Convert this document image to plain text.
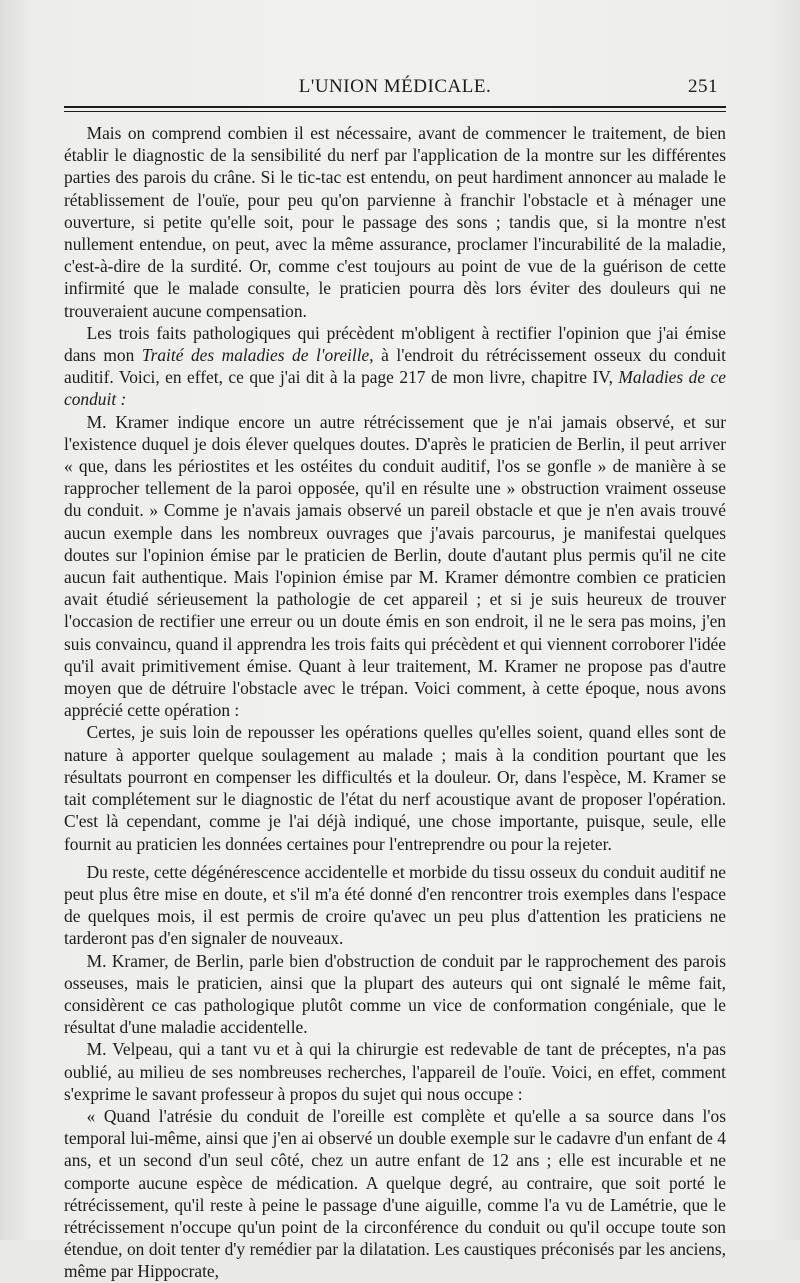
L'UNION MÉDICALE.	251

Mais on comprend combien il est nécessaire, avant de commencer le traitement, de bien établir le diagnostic de la sensibilité du nerf par l'application de la montre sur les différentes parties des parois du crâne. Si le tic-tac est entendu, on peut hardiment annoncer au malade le rétablissement de l'ouïe, pour peu qu'on parvienne à franchir l'obstacle et à ménager une ouverture, si petite qu'elle soit, pour le passage des sons ; tandis que, si la montre n'est nullement entendue, on peut, avec la même assurance, proclamer l'incurabilité de la maladie, c'est-à-dire de la surdité. Or, comme c'est toujours au point de vue de la guérison de cette infirmité que le malade consulte, le praticien pourra dès lors éviter des douleurs qui ne trouveraient aucune compensation.

Les trois faits pathologiques qui précèdent m'obligent à rectifier l'opinion que j'ai émise dans mon Traité des maladies de l'oreille, à l'endroit du rétrécissement osseux du conduit auditif. Voici, en effet, ce que j'ai dit à la page 217 de mon livre, chapitre IV, Maladies de ce conduit :

M. Kramer indique encore un autre rétrécissement que je n'ai jamais observé, et sur l'existence duquel je dois élever quelques doutes. D'après le praticien de Berlin, il peut arriver « que, dans les périostites et les ostéites du conduit auditif, l'os se gonfle » de manière à se rapprocher tellement de la paroi opposée, qu'il en résulte une » obstruction vraiment osseuse du conduit. » Comme je n'avais jamais observé un pareil obstacle et que je n'en avais trouvé aucun exemple dans les nombreux ouvrages que j'avais parcourus, je manifestai quelques doutes sur l'opinion émise par le praticien de Berlin, doute d'autant plus permis qu'il ne cite aucun fait authentique. Mais l'opinion émise par M. Kramer démontre combien ce praticien avait étudié sérieusement la pathologie de cet appareil ; et si je suis heureux de trouver l'occasion de rectifier une erreur ou un doute émis en son endroit, il ne le sera pas moins, j'en suis convaincu, quand il apprendra les trois faits qui précèdent et qui viennent corroborer l'idée qu'il avait primitivement émise. Quant à leur traitement, M. Kramer ne propose pas d'autre moyen que de détruire l'obstacle avec le trépan. Voici comment, à cette époque, nous avons apprécié cette opération :

Certes, je suis loin de repousser les opérations quelles qu'elles soient, quand elles sont de nature à apporter quelque soulagement au malade ; mais à la condition pourtant que les résultats pourront en compenser les difficultés et la douleur. Or, dans l'espèce, M. Kramer se tait complétement sur le diagnostic de l'état du nerf acoustique avant de proposer l'opération. C'est là cependant, comme je l'ai déjà indiqué, une chose importante, puisque, seule, elle fournit au praticien les données certaines pour l'entreprendre ou pour la rejeter.

Du reste, cette dégénérescence accidentelle et morbide du tissu osseux du conduit auditif ne peut plus être mise en doute, et s'il m'a été donné d'en rencontrer trois exemples dans l'espace de quelques mois, il est permis de croire qu'avec un peu plus d'attention les praticiens ne tarderont pas d'en signaler de nouveaux.

M. Kramer, de Berlin, parle bien d'obstruction de conduit par le rapprochement des parois osseuses, mais le praticien, ainsi que la plupart des auteurs qui ont signalé le même fait, considèrent ce cas pathologique plutôt comme un vice de conformation congéniale, que le résultat d'une maladie accidentelle.

M. Velpeau, qui a tant vu et à qui la chirurgie est redevable de tant de préceptes, n'a pas oublié, au milieu de ses nombreuses recherches, l'appareil de l'ouïe. Voici, en effet, comment s'exprime le savant professeur à propos du sujet qui nous occupe :

« Quand l'atrésie du conduit de l'oreille est complète et qu'elle a sa source dans l'os temporal lui-même, ainsi que j'en ai observé un double exemple sur le cadavre d'un enfant de 4 ans, et un second d'un seul côté, chez un autre enfant de 12 ans ; elle est incurable et ne comporte aucune espèce de médication. A quelque degré, au contraire, que soit porté le rétrécissement, qu'il reste à peine le passage d'une aiguille, comme l'a vu de Lamétrie, que le rétrécissement n'occupe qu'un point de la circonférence du conduit ou qu'il occupe toute son étendue, on doit tenter d'y remédier par la dilatation. Les caustiques préconisés par les anciens, même par Hippocrate,
